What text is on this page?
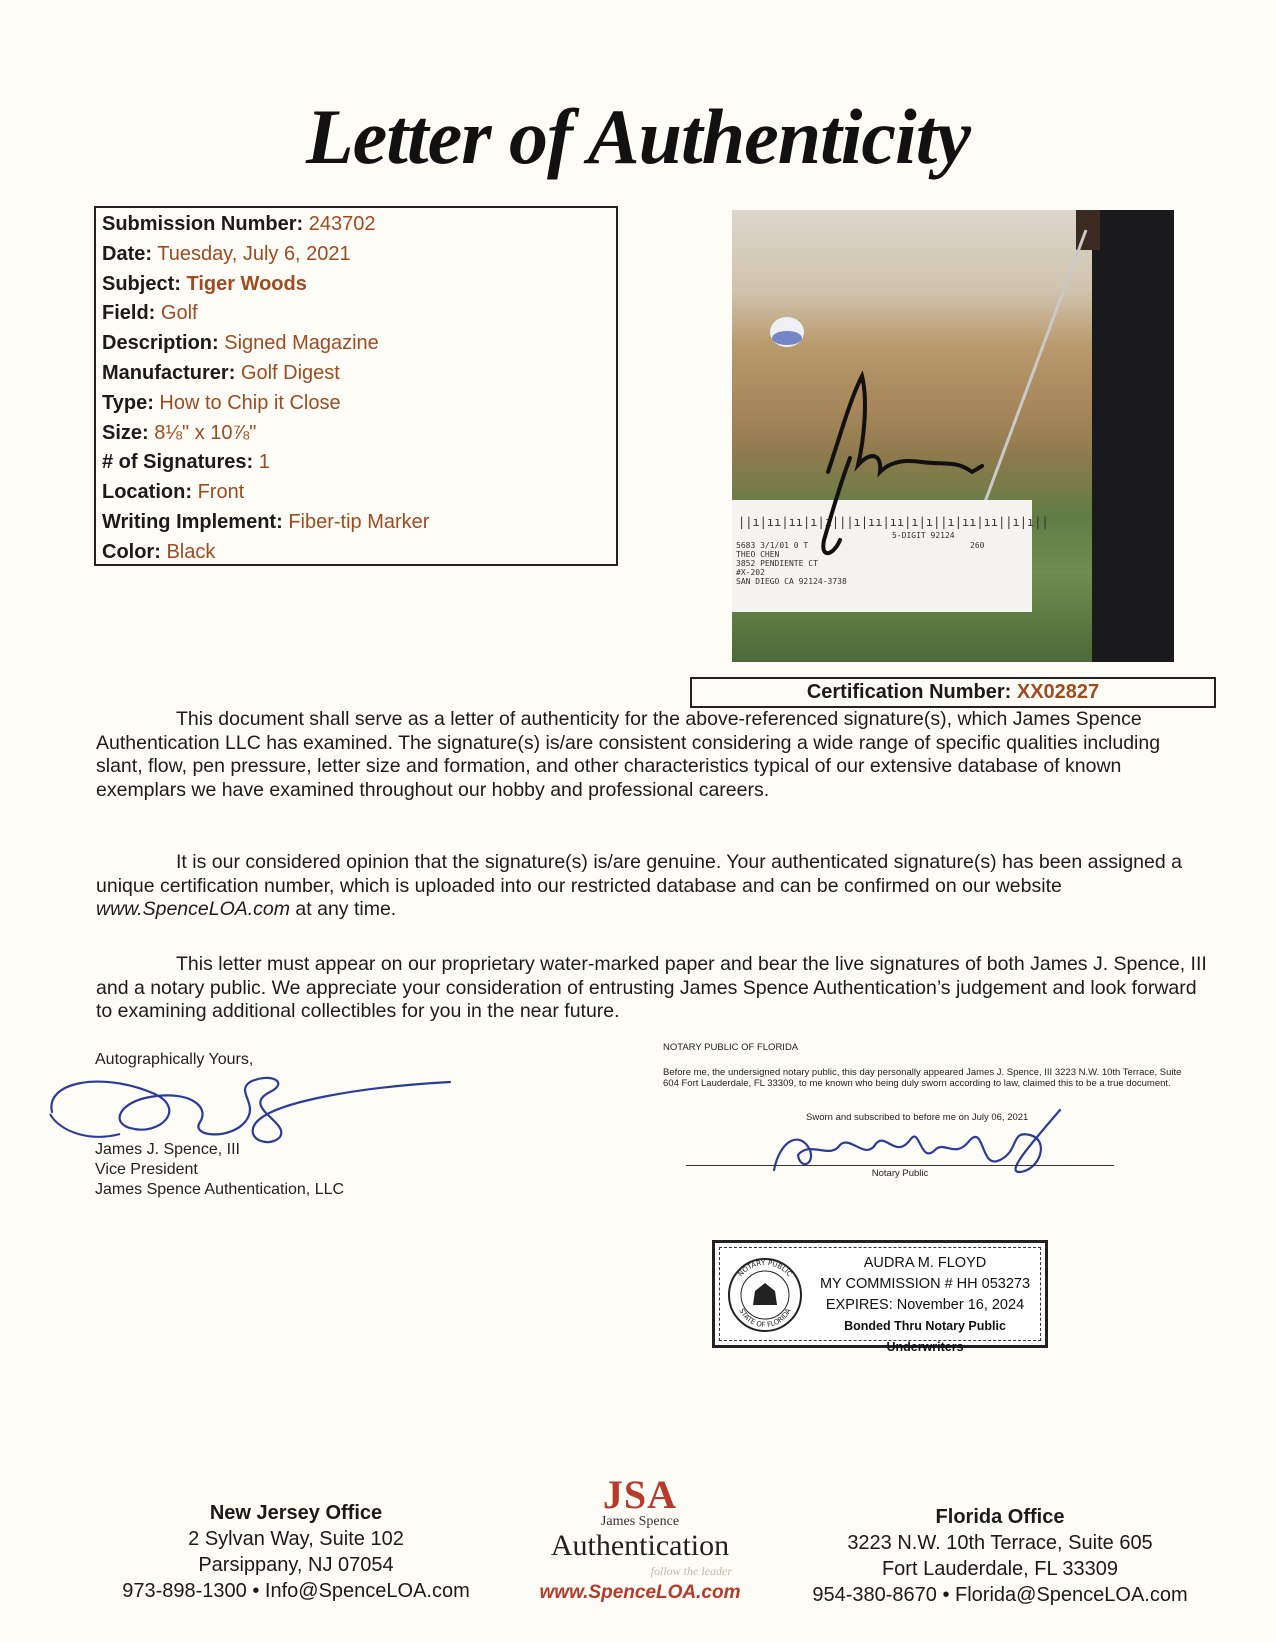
Letter of Authenticity
Submission Number: 243702
Date: Tuesday, July 6, 2021
Subject: Tiger Woods
Field: Golf
Description: Signed Magazine
Manufacturer: Golf Digest
Type: How to Chip it Close
Size: 8⅛" x 10⅞"
# of Signatures: 1
Location: Front
Writing Implement: Fiber-tip Marker
Color: Black
||ı|ıı|ıı|ı|ı|||ı|ıı|ıı|ı|ı||ı|ıı|ıı||ı|ı||
5-DIGIT 92124
5683 3/1/01 0 T	260
THEO CHEN
3852 PENDIENTE CT
#X-202
SAN DIEGO CA 92124-3738
Certification Number: XX02827
This document shall serve as a letter of authenticity for the above-referenced signature(s), which James Spence Authentication LLC has examined. The signature(s) is/are consistent considering a wide range of specific qualities including slant, flow, pen pressure, letter size and formation, and other characteristics typical of our extensive database of known exemplars we have examined throughout our hobby and professional careers.
It is our considered opinion that the signature(s) is/are genuine. Your authenticated signature(s) has been assigned a unique certification number, which is uploaded into our restricted database and can be confirmed on our website www.SpenceLOA.com at any time.
This letter must appear on our proprietary water-marked paper and bear the live signatures of both James J. Spence, III and a notary public. We appreciate your consideration of entrusting James Spence Authentication’s judgement and look forward to examining additional collectibles for you in the near future.
Autographically Yours,
James J. Spence, III
Vice President
James Spence Authentication, LLC
NOTARY PUBLIC OF FLORIDA
Before me, the undersigned notary public, this day personally appeared James J. Spence, III 3223 N.W. 10th Terrace, Suite 604 Fort Lauderdale, FL 33309, to me known who being duly sworn according to law, claimed this to be a true document.
Sworn and subscribed to before me on July 06, 2021
Notary Public
NOTARY PUBLIC
STATE OF FLORIDA
AUDRA M. FLOYD
MY COMMISSION # HH 053273
EXPIRES: November 16, 2024
Bonded Thru Notary Public Underwriters
New Jersey Office
2 Sylvan Way, Suite 102
Parsippany, NJ 07054
973-898-1300 • Info@SpenceLOA.com
JSA
James Spence
Authentication
follow the leader
www.SpenceLOA.com
Florida Office
3223 N.W. 10th Terrace, Suite 605
Fort Lauderdale, FL 33309
954-380-8670 • Florida@SpenceLOA.com
